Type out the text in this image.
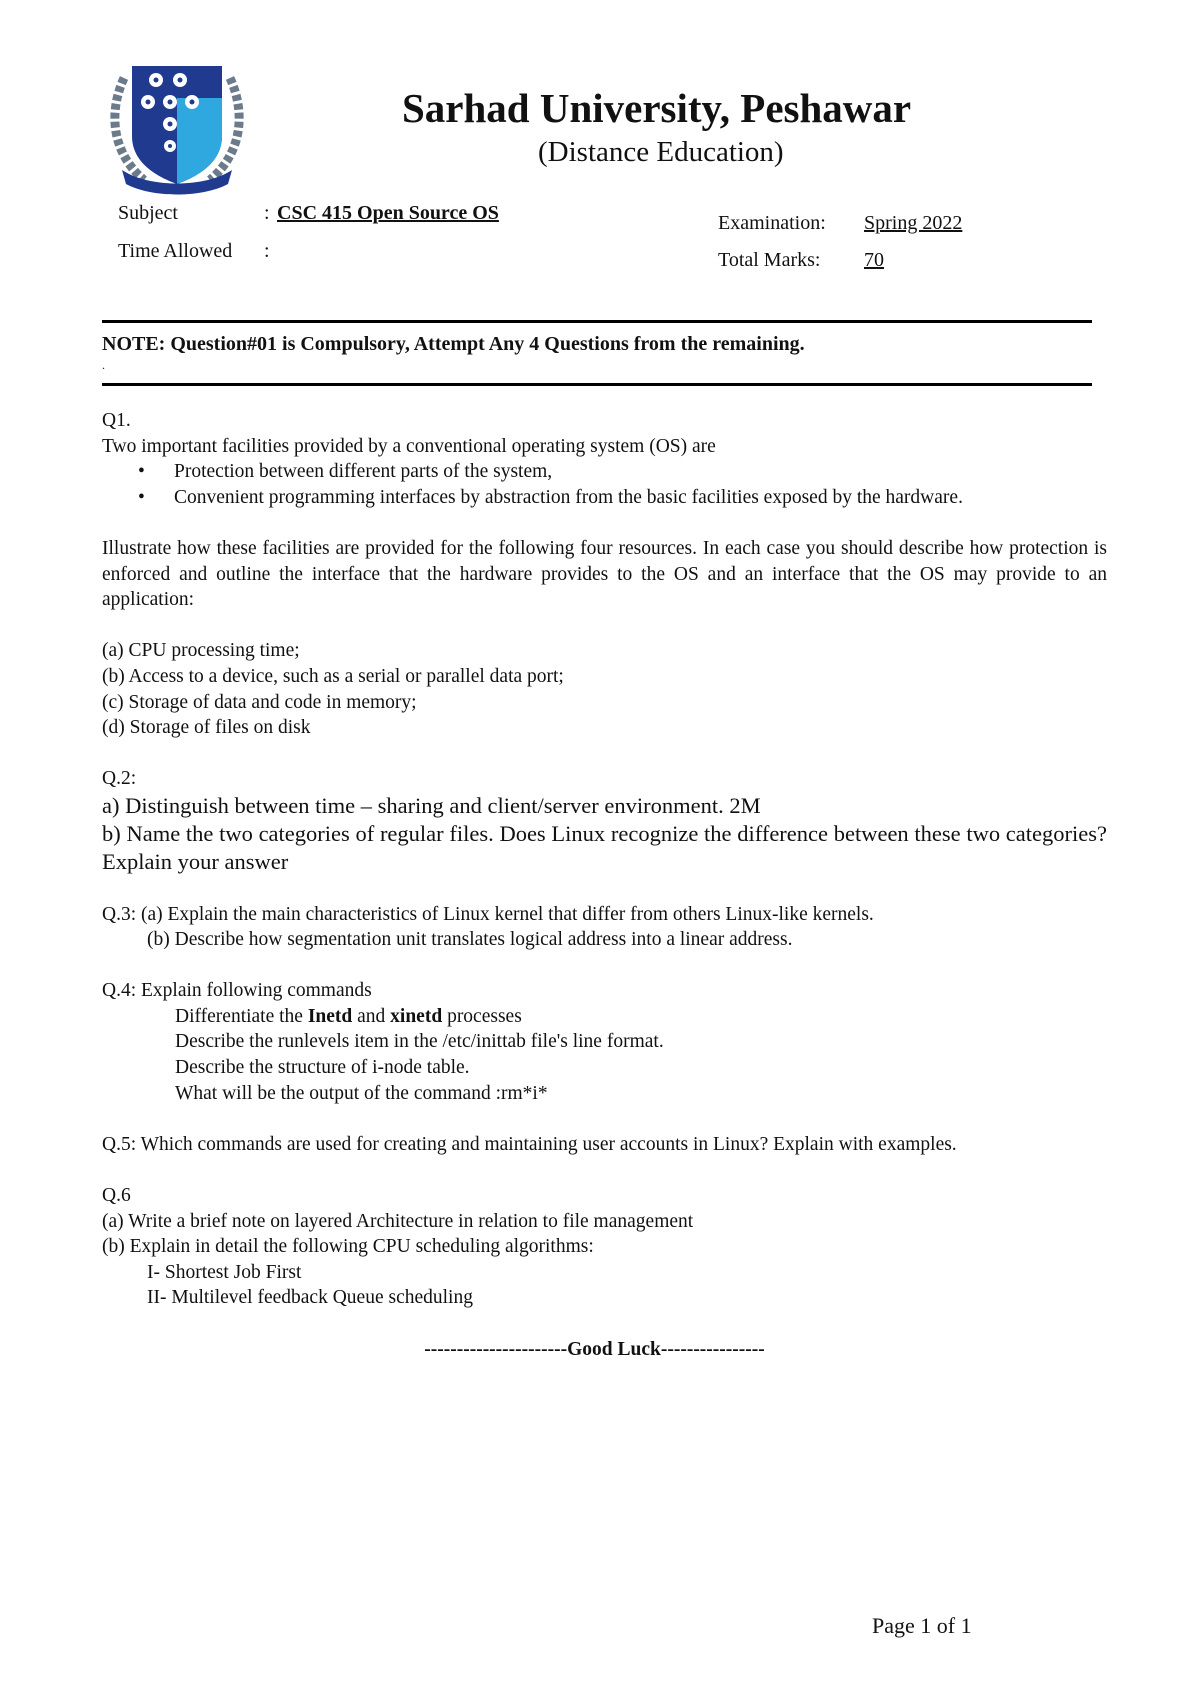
Sarhad University, Peshawar
(Distance Education)
Subject	: CSC 415 Open Source OS
Time Allowed :
Examination: Spring 2022
Total Marks: 70
NOTE: Question#01 is Compulsory, Attempt Any 4 Questions from the remaining.
.

Q1.

Two important facilities provided by a conventional operating system (OS) are

•	Protection between different parts of the system,

•	Convenient programming interfaces by abstraction from the basic facilities exposed by the hardware.

Illustrate how these facilities are provided for the following four resources. In each case you should describe how protection is enforced and outline the interface that the hardware provides to the OS and an interface that the OS may provide to an application:

(a) CPU processing time;

(b) Access to a device, such as a serial or parallel data port;

(c) Storage of data and code in memory;

(d) Storage of files on disk

Q.2:

a) Distinguish between time – sharing and client/server environment. 2M

b) Name the two categories of regular files. Does Linux recognize the difference between these two categories? Explain your answer

Q.3: (a) Explain the main characteristics of Linux kernel that differ from others Linux-like kernels.

(b) Describe how segmentation unit translates logical address into a linear address.

Q.4: Explain following commands

Differentiate the Inetd and xinetd processes

Describe the runlevels item in the /etc/inittab file's line format.

Describe the structure of i-node table.

What will be the output of the command :rm*i*

Q.5: Which commands are used for creating and maintaining user accounts in Linux? Explain with examples.

Q.6

(a) Write a brief note on layered Architecture in relation to file management

(b) Explain in detail the following CPU scheduling algorithms:

I- Shortest Job First

II- Multilevel feedback Queue scheduling

----------------------Good Luck----------------

Page 1 of 1
